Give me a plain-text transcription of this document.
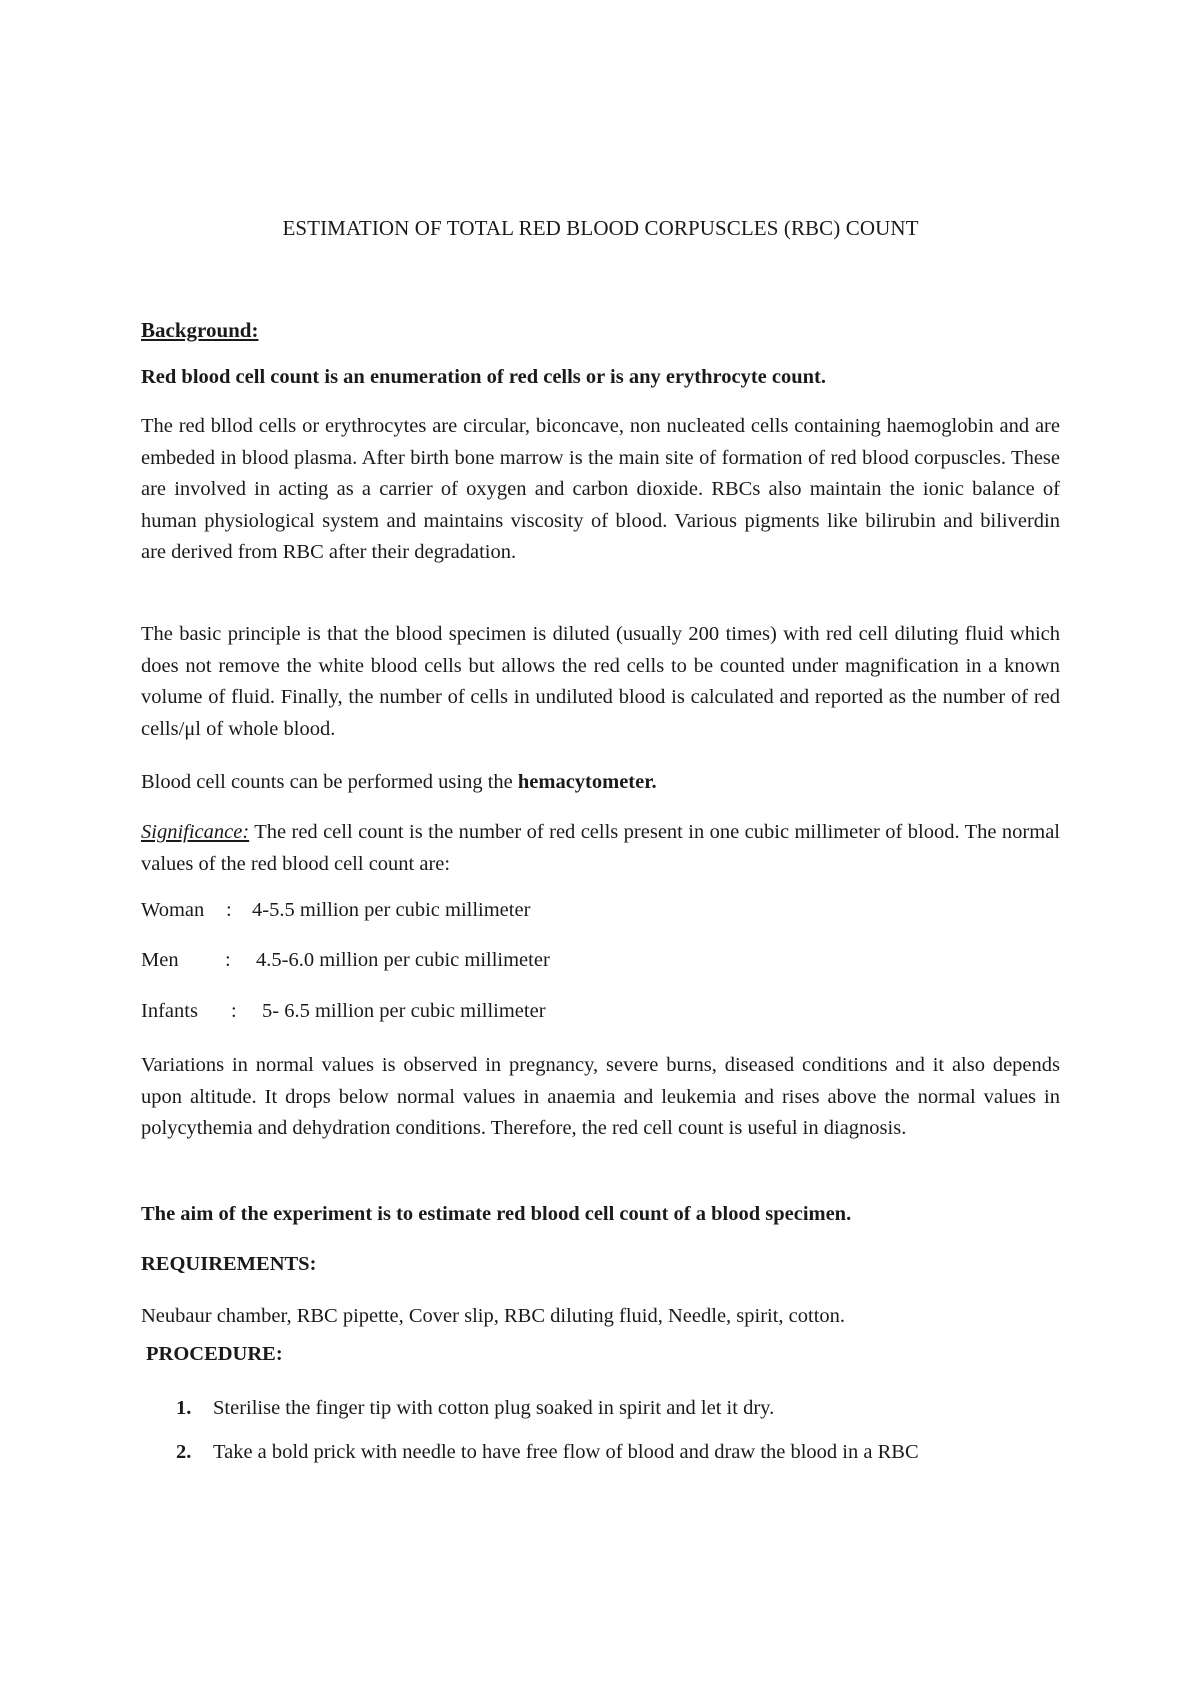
ESTIMATION OF TOTAL RED BLOOD CORPUSCLES (RBC) COUNT
Background:
Red blood cell count is an enumeration of red cells or is any erythrocyte count.
The red bllod cells or erythrocytes are circular, biconcave, non nucleated cells containing haemoglobin and are embeded in blood plasma. After birth bone marrow is the main site of formation of red blood corpuscles. These are involved in acting as a carrier of oxygen and carbon dioxide. RBCs also maintain the ionic balance of human physiological system and maintains viscosity of blood. Various pigments like bilirubin and biliverdin are derived from RBC after their degradation.
The basic principle is that the blood specimen is diluted (usually 200 times) with red cell diluting fluid which does not remove the white blood cells but allows the red cells to be counted under magnification in a known volume of fluid. Finally, the number of cells in undiluted blood is calculated and reported as the number of red cells/μl of whole blood.
Blood cell counts can be performed using the hemacytometer.
Significance: The red cell count is the number of red cells present in one cubic millimeter of blood. The normal values of the red blood cell count are:
Woman : 4-5.5 million per cubic millimeter
Men : 4.5-6.0 million per cubic millimeter
Infants : 5- 6.5 million per cubic millimeter
Variations in normal values is observed in pregnancy, severe burns, diseased conditions and it also depends upon altitude. It drops below normal values in anaemia and leukemia and rises above the normal values in polycythemia and dehydration conditions. Therefore, the red cell count is useful in diagnosis.
The aim of the experiment is to estimate red blood cell count of a blood specimen.
REQUIREMENTS:
Neubaur chamber, RBC pipette, Cover slip, RBC diluting fluid, Needle, spirit, cotton.
PROCEDURE:
1. Sterilise the finger tip with cotton plug soaked in spirit and let it dry.
2. Take a bold prick with needle to have free flow of blood and draw the blood in a RBC
